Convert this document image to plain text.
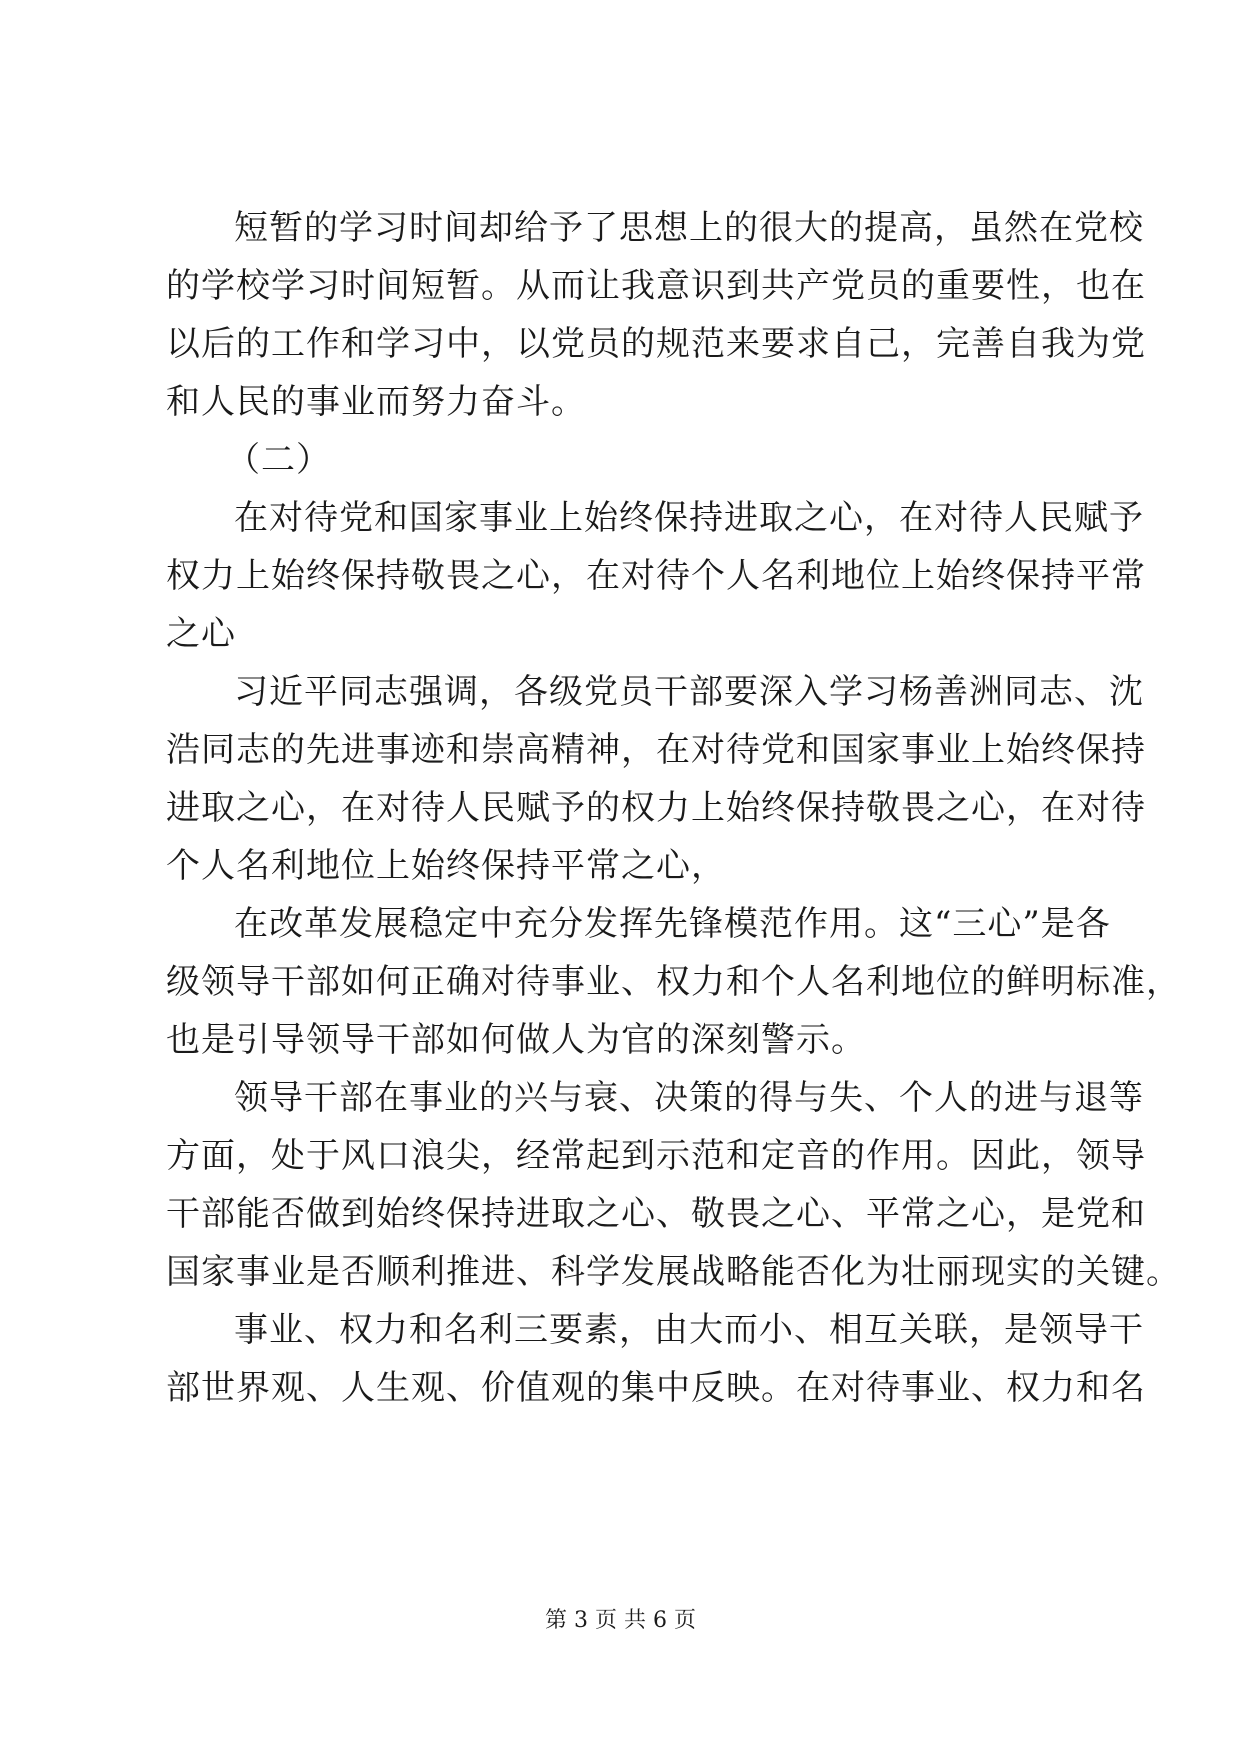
短暂的学习时间却给予了思想上的很大的提高，虽然在党校
的学校学习时间短暂。从而让我意识到共产党员的重要性，也在
以后的工作和学习中，以党员的规范来要求自己，完善自我为党
和人民的事业而努力奋斗。
（二）
在对待党和国家事业上始终保持进取之心，在对待人民赋予
权力上始终保持敬畏之心，在对待个人名利地位上始终保持平常
之心
习近平同志强调，各级党员干部要深入学习杨善洲同志、沈
浩同志的先进事迹和崇高精神，在对待党和国家事业上始终保持
进取之心，在对待人民赋予的权力上始终保持敬畏之心，在对待
个人名利地位上始终保持平常之心，
在改革发展稳定中充分发挥先锋模范作用。这“三心”是各
级领导干部如何正确对待事业、权力和个人名利地位的鲜明标准，
也是引导领导干部如何做人为官的深刻警示。
领导干部在事业的兴与衰、决策的得与失、个人的进与退等
方面，处于风口浪尖，经常起到示范和定音的作用。因此，领导
干部能否做到始终保持进取之心、敬畏之心、平常之心，是党和
国家事业是否顺利推进、科学发展战略能否化为壮丽现实的关键。
事业、权力和名利三要素，由大而小、相互关联，是领导干
部世界观、人生观、价值观的集中反映。在对待事业、权力和名
第 3 页 共 6 页
